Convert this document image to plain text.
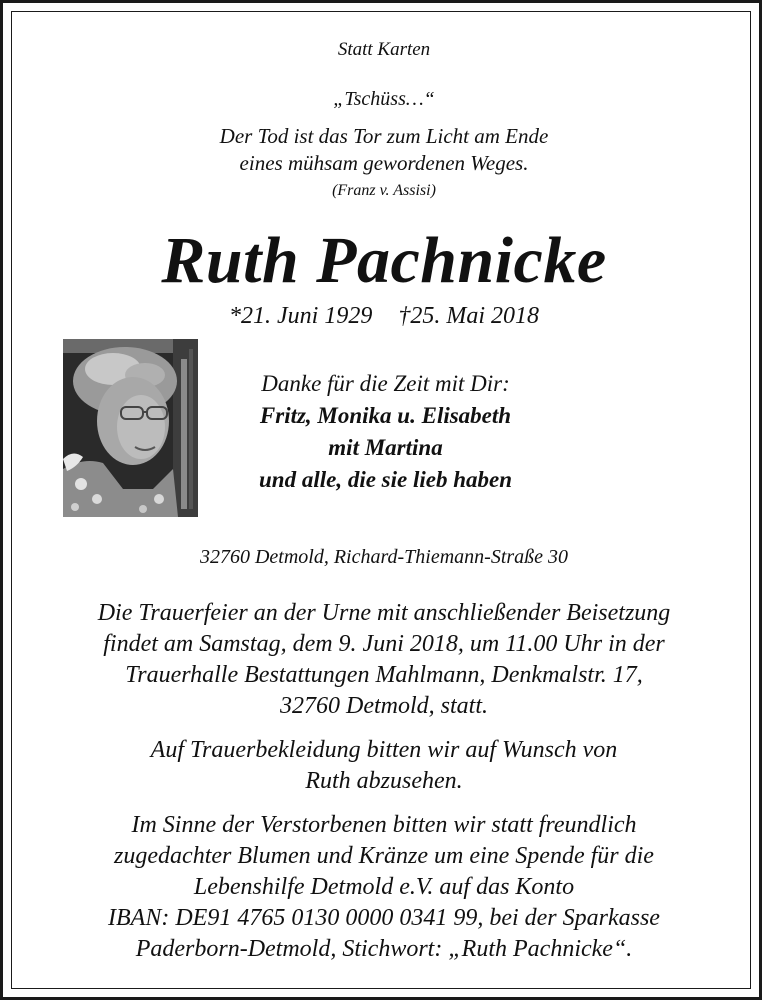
Statt Karten
„Tschüss…“
Der Tod ist das Tor zum Licht am Ende
eines mühsam gewordenen Weges.
(Franz v. Assisi)
Ruth Pachnicke
*21. Juni 1929 †25. Mai 2018
Danke für die Zeit mit Dir:
Fritz, Monika u. Elisabeth
mit Martina
und alle, die sie lieb haben
32760 Detmold, Richard-Thiemann-Straße 30
Die Trauerfeier an der Urne mit anschließender Beisetzung
findet am Samstag, dem 9. Juni 2018, um 11.00 Uhr in der
Trauerhalle Bestattungen Mahlmann, Denkmalstr. 17,
32760 Detmold, statt.
Auf Trauerbekleidung bitten wir auf Wunsch von
Ruth abzusehen.
Im Sinne der Verstorbenen bitten wir statt freundlich
zugedachter Blumen und Kränze um eine Spende für die
Lebenshilfe Detmold e.V. auf das Konto
IBAN: DE91 4765 0130 0000 0341 99, bei der Sparkasse
Paderborn-Detmold, Stichwort: „Ruth Pachnicke“.
